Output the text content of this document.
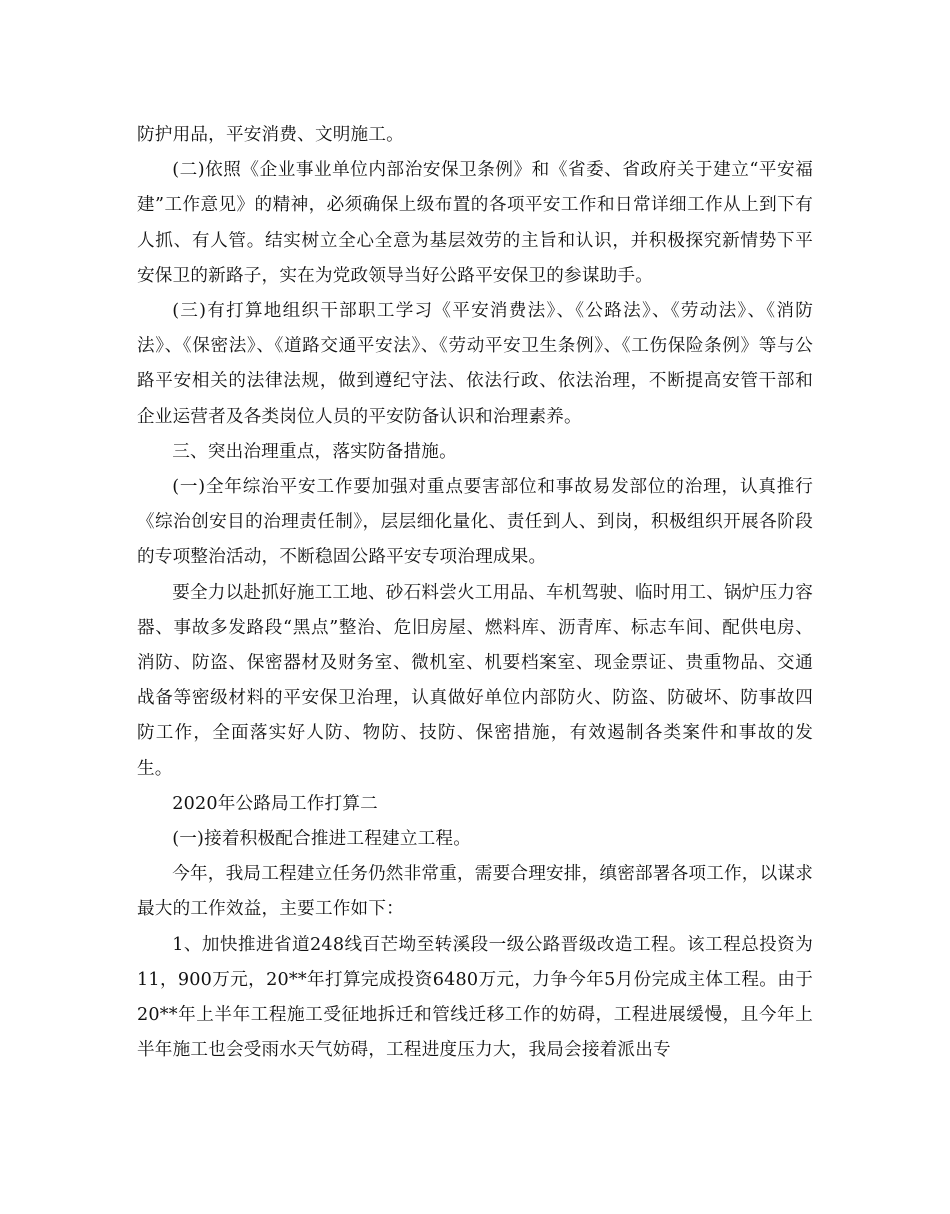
防护用品，平安消费、文明施工。

(二)依照《企业事业单位内部治安保卫条例》和《省委、省政府关于建立“平安福建”工作意见》的精神，必须确保上级布置的各项平安工作和日常详细工作从上到下有人抓、有人管。结实树立全心全意为基层效劳的主旨和认识，并积极探究新情势下平安保卫的新路子，实在为党政领导当好公路平安保卫的参谋助手。

(三)有打算地组织干部职工学习《平安消费法》、《公路法》、《劳动法》、《消防法》、《保密法》、《道路交通平安法》、《劳动平安卫生条例》、《工伤保险条例》等与公路平安相关的法律法规，做到遵纪守法、依法行政、依法治理，不断提高安管干部和企业运营者及各类岗位人员的平安防备认识和治理素养。

三、突出治理重点，落实防备措施。

(一)全年综治平安工作要加强对重点要害部位和事故易发部位的治理，认真推行《综治创安目的治理责任制》，层层细化量化、责任到人、到岗，积极组织开展各阶段的专项整治活动，不断稳固公路平安专项治理成果。

要全力以赴抓好施工工地、砂石料尝火工用品、车机驾驶、临时用工、锅炉压力容器、事故多发路段“黑点”整治、危旧房屋、燃料库、沥青库、标志车间、配供电房、消防、防盗、保密器材及财务室、微机室、机要档案室、现金票证、贵重物品、交通战备等密级材料的平安保卫治理，认真做好单位内部防火、防盗、防破坏、防事故四防工作，全面落实好人防、物防、技防、保密措施，有效遏制各类案件和事故的发生。

2020年公路局工作打算二

(一)接着积极配合推进工程建立工程。

今年，我局工程建立任务仍然非常重，需要合理安排，缜密部署各项工作，以谋求最大的工作效益，主要工作如下：

1、加快推进省道248线百芒坳至转溪段一级公路晋级改造工程。该工程总投资为11，900万元，20**年打算完成投资6480万元，力争今年5月份完成主体工程。由于20**年上半年工程施工受征地拆迁和管线迁移工作的妨碍，工程进展缓慢，且今年上半年施工也会受雨水天气妨碍，工程进度压力大，我局会接着派出专
